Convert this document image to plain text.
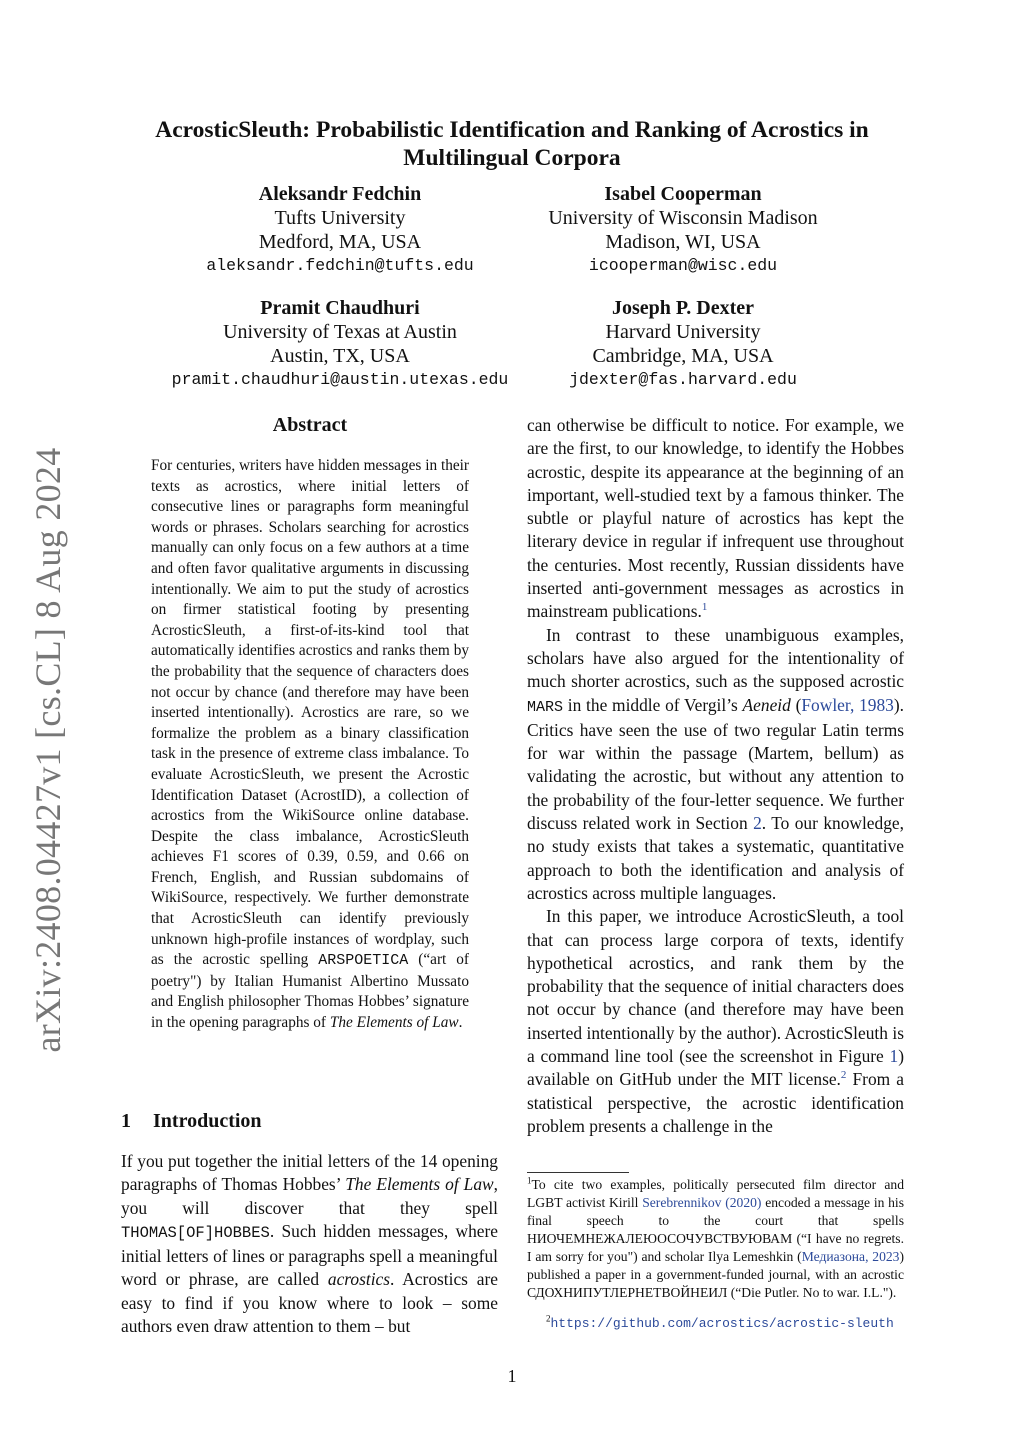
arXiv:2408.04427v1 [cs.CL] 8 Aug 2024
AcrosticSleuth: Probabilistic Identification and Ranking of Acrostics in Multilingual Corpora
Aleksandr Fedchin
Tufts University
Medford, MA, USA
aleksandr.fedchin@tufts.edu
Isabel Cooperman
University of Wisconsin Madison
Madison, WI, USA
icooperman@wisc.edu
Pramit Chaudhuri
University of Texas at Austin
Austin, TX, USA
pramit.chaudhuri@austin.utexas.edu
Joseph P. Dexter
Harvard University
Cambridge, MA, USA
jdexter@fas.harvard.edu
Abstract
For centuries, writers have hidden messages in their texts as acrostics, where initial letters of consecutive lines or paragraphs form meaningful words or phrases. Scholars searching for acrostics manually can only focus on a few authors at a time and often favor qualitative arguments in discussing intentionally. We aim to put the study of acrostics on firmer statistical footing by presenting AcrosticSleuth, a first-of-its-kind tool that automatically identifies acrostics and ranks them by the probability that the sequence of characters does not occur by chance (and therefore may have been inserted intentionally). Acrostics are rare, so we formalize the problem as a binary classification task in the presence of extreme class imbalance. To evaluate AcrosticSleuth, we present the Acrostic Identification Dataset (AcrostID), a collection of acrostics from the WikiSource online database. Despite the class imbalance, AcrosticSleuth achieves F1 scores of 0.39, 0.59, and 0.66 on French, English, and Russian subdomains of WikiSource, respectively. We further demonstrate that AcrosticSleuth can identify previously unknown high-profile instances of wordplay, such as the acrostic spelling ARSPOETICA (“art of poetry") by Italian Humanist Albertino Mussato and English philosopher Thomas Hobbes’ signature in the opening paragraphs of The Elements of Law.
1 Introduction

If you put together the initial letters of the 14 opening paragraphs of Thomas Hobbes’ The Elements of Law, you will discover that they spell THOMAS[OF]HOBBES. Such hidden messages, where initial letters of lines or paragraphs spell a meaningful word or phrase, are called acrostics. Acrostics are easy to find if you know where to look – some authors even draw attention to them – but

can otherwise be difficult to notice. For example, we are the first, to our knowledge, to identify the Hobbes acrostic, despite its appearance at the beginning of an important, well-studied text by a famous thinker. The subtle or playful nature of acrostics has kept the literary device in regular if infrequent use throughout the centuries. Most recently, Russian dissidents have inserted anti-government messages as acrostics in mainstream publications.$^1$

In contrast to these unambiguous examples, scholars have also argued for the intentionality of much shorter acrostics, such as the supposed acrostic MARS in the middle of Vergil’s Aeneid (Fowler, 1983). Critics have seen the use of two regular Latin terms for war within the passage (Martem, bellum) as validating the acrostic, but without any attention to the probability of the four-letter sequence. We further discuss related work in Section 2. To our knowledge, no study exists that takes a systematic, quantitative approach to both the identification and analysis of acrostics across multiple languages.

In this paper, we introduce AcrosticSleuth, a tool that can process large corpora of texts, identify hypothetical acrostics, and rank them by the probability that the sequence of initial characters does not occur by chance (and therefore may have been inserted intentionally by the author). AcrosticSleuth is a command line tool (see the screenshot in Figure 1) available on GitHub under the MIT license.$^2$ From a statistical perspective, the acrostic identification problem presents a challenge in the

$^1$To cite two examples, politically persecuted film director and LGBT activist Kirill Serebrennikov (2020) encoded a message in his final speech to the court that spells НИОЧЕМНЕЖАЛЕЮОСОЧУВСТВУЮВАМ (“I have no regrets. I am sorry for you") and scholar Ilya Lemeshkin (Медиазона, 2023) published a paper in a government-funded journal, with an acrostic СДОХНИПУТЛЕРНЕТВОЙНЕИЛ (“Die Putler. No to war. I.L.").
$^2$https://github.com/acrostics/acrostic-sleuth
1
